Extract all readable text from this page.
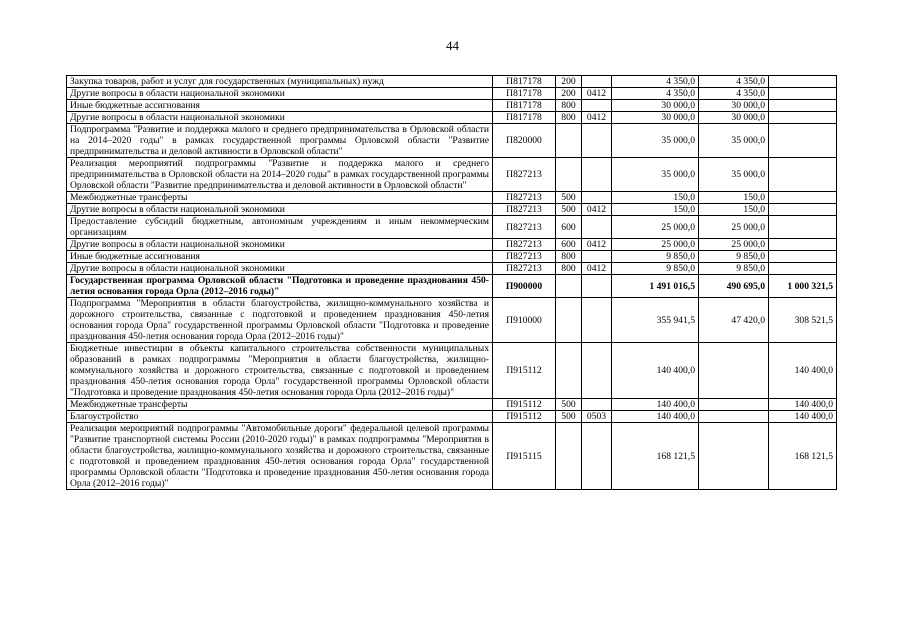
44
Закупка товаров, работ и услуг для государственных (муниципальных) нужд	П817178	200		4 350,0	4 350,0	
Другие вопросы в области национальной экономики	П817178	200	0412	4 350,0	4 350,0	
Иные бюджетные ассигнования	П817178	800		30 000,0	30 000,0	
Другие вопросы в области национальной экономики	П817178	800	0412	30 000,0	30 000,0	
Подпрограмма "Развитие и поддержка малого и среднего предпринимательства в Орловской области на 2014–2020 годы" в рамках государственной программы Орловской области "Развитие предпринимательства и деловой активности в Орловской области"	П820000			35 000,0	35 000,0	
Реализация мероприятий подпрограммы "Развитие и поддержка малого и среднего предпринимательства в Орловской области на 2014–2020 годы" в рамках государственной программы Орловской области "Развитие предпринимательства и деловой активности в Орловской области"	П827213			35 000,0	35 000,0	
Межбюджетные трансферты	П827213	500		150,0	150,0	
Другие вопросы в области национальной экономики	П827213	500	0412	150,0	150,0	
Предоставление субсидий бюджетным, автономным учреждениям и иным некоммерческим организациям	П827213	600		25 000,0	25 000,0	
Другие вопросы в области национальной экономики	П827213	600	0412	25 000,0	25 000,0	
Иные бюджетные ассигнования	П827213	800		9 850,0	9 850,0	
Другие вопросы в области национальной экономики	П827213	800	0412	9 850,0	9 850,0	
Государственная программа Орловской области "Подготовка и проведение празднования 450-летия основания города Орла (2012–2016 годы)"	П900000			1 491 016,5	490 695,0	1 000 321,5
Подпрограмма "Мероприятия в области благоустройства, жилищно-коммунального хозяйства и дорожного строительства, связанные с подготовкой и проведением празднования 450-летия основания города Орла" государственной программы Орловской области "Подготовка и проведение празднования 450-летия основания города Орла (2012–2016 годы)"	П910000			355 941,5	47 420,0	308 521,5
Бюджетные инвестиции в объекты капитального строительства собственности муниципальных образований в рамках подпрограммы "Мероприятия в области благоустройства, жилищно-коммунального хозяйства и дорожного строительства, связанные с подготовкой и проведением празднования 450-летия основания города Орла" государственной программы Орловской области "Подготовка и проведение празднования 450-летия основания города Орла (2012–2016 годы)"	П915112			140 400,0		140 400,0
Межбюджетные трансферты	П915112	500		140 400,0		140 400,0
Благоустройство	П915112	500	0503	140 400,0		140 400,0
Реализация мероприятий подпрограммы "Автомобильные дороги" федеральной целевой программы "Развитие транспортной системы России (2010-2020 годы)" в рамках подпрограммы "Мероприятия в области благоустройства, жилищно-коммунального хозяйства и дорожного строительства, связанные с подготовкой и проведением празднования 450-летия основания города Орла" государственной программы Орловской области "Подготовка и проведение празднования 450-летия основания города Орла (2012–2016 годы)"	П915115			168 121,5		168 121,5
